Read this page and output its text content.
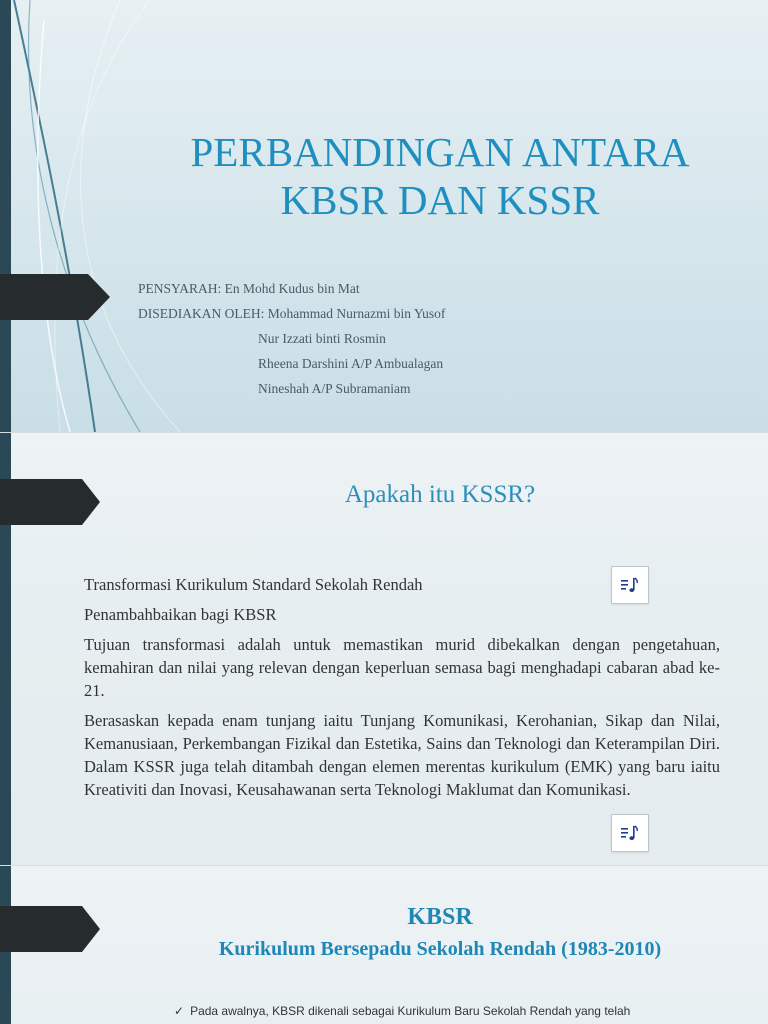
PERBANDINGAN ANTARA
KBSR DAN KSSR
PENSYARAH: En Mohd Kudus bin Mat
DISEDIAKAN OLEH: Mohammad Nurnazmi bin Yusof
Nur Izzati binti Rosmin
Rheena Darshini A/P Ambualagan
Nineshah A/P Subramaniam
Apakah itu KSSR?
Transformasi Kurikulum Standard Sekolah Rendah
Penambahbaikan bagi KBSR
Tujuan transformasi adalah untuk memastikan murid dibekalkan dengan pengetahuan, kemahiran dan nilai yang relevan dengan keperluan semasa bagi menghadapi cabaran abad ke-21.
Berasaskan kepada enam tunjang iaitu Tunjang Komunikasi, Kerohanian, Sikap dan Nilai, Kemanusiaan, Perkembangan Fizikal dan Estetika, Sains dan Teknologi dan Keterampilan Diri. Dalam KSSR juga telah ditambah dengan elemen merentas kurikulum (EMK) yang baru iaitu Kreativiti dan Inovasi, Keusahawanan serta Teknologi Maklumat dan Komunikasi.
KBSR
Kurikulum Bersepadu Sekolah Rendah (1983-2010)
✓ Pada awalnya, KBSR dikenali sebagai Kurikulum Baru Sekolah Rendah yang telah
